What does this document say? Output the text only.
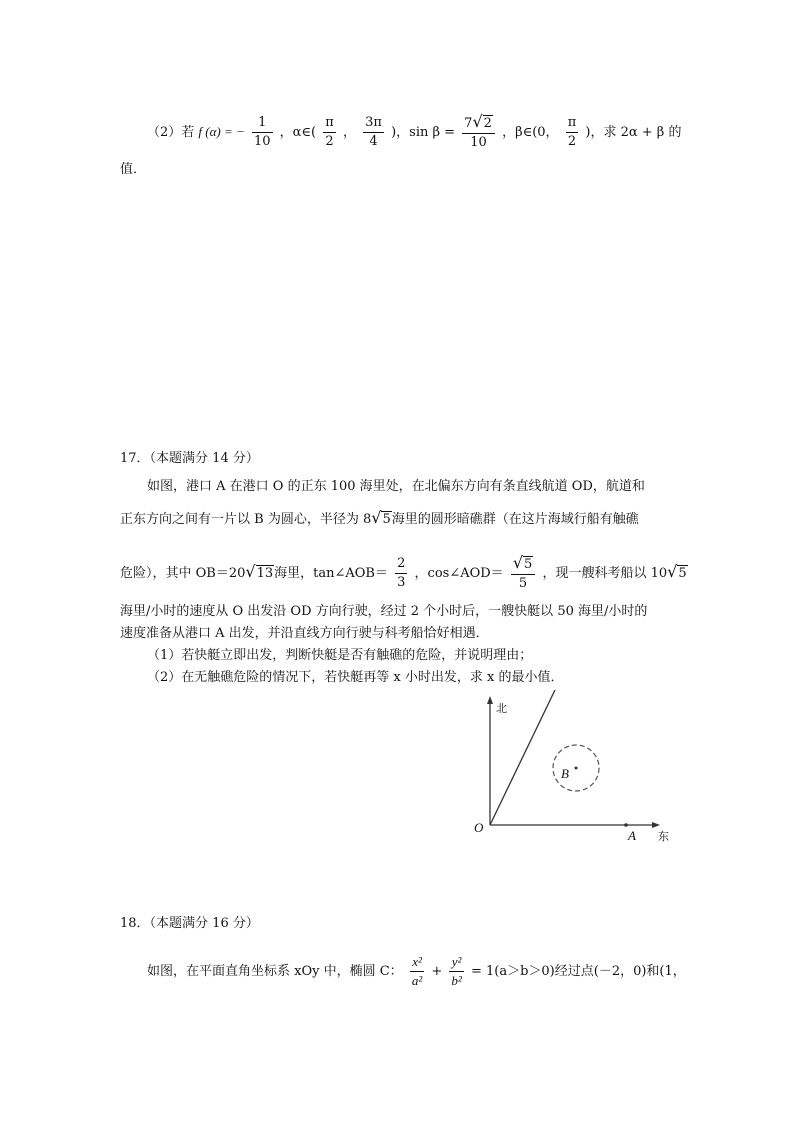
（2）若 f (α) = − $\frac{1}{10}$ ，α∈( $\frac{\pi}{2}$ ， $\frac{3\pi}{4}$ )，$\sin \beta = \frac{7√2}{10}$ ，β∈(0， $\frac{\pi}{2}$ )，求 2α + β 的
值．
17．（本题满分 14 分）
如图，港口 A 在港口 O 的正东 100 海里处，在北偏东方向有条直线航道 OD，航道和
正东方向之间有一片以 B 为圆心，半径为 8√5海里的圆形暗礁群（在这片海域行船有触礁
危险），其中 OB＝20√13海里，tan∠AOB＝ $\frac{2}{3}$ ，cos∠AOD＝ $\frac{√5}{5}$ ，现一艘科考船以 10√5
海里/小时的速度从 O 出发沿 OD 方向行驶，经过 2 个小时后，一艘快艇以 50 海里/小时的
速度准备从港口 A 出发，并沿直线方向行驶与科考船恰好相遇．
（1）若快艇立即出发，判断快艇是否有触礁的危险，并说明理由；
（2）在无触礁危险的情况下，若快艇再等 x 小时出发，求 x 的最小值．
北
东
O
A
B
18．（本题满分 16 分）
如图，在平面直角坐标系 xOy 中，椭圆 C： $\frac{\text{x²}}{\text{a²}} + \frac{\text{y²}}{\text{b²}} = 1(a>b>0)$经过点(－2，0)和(1，
